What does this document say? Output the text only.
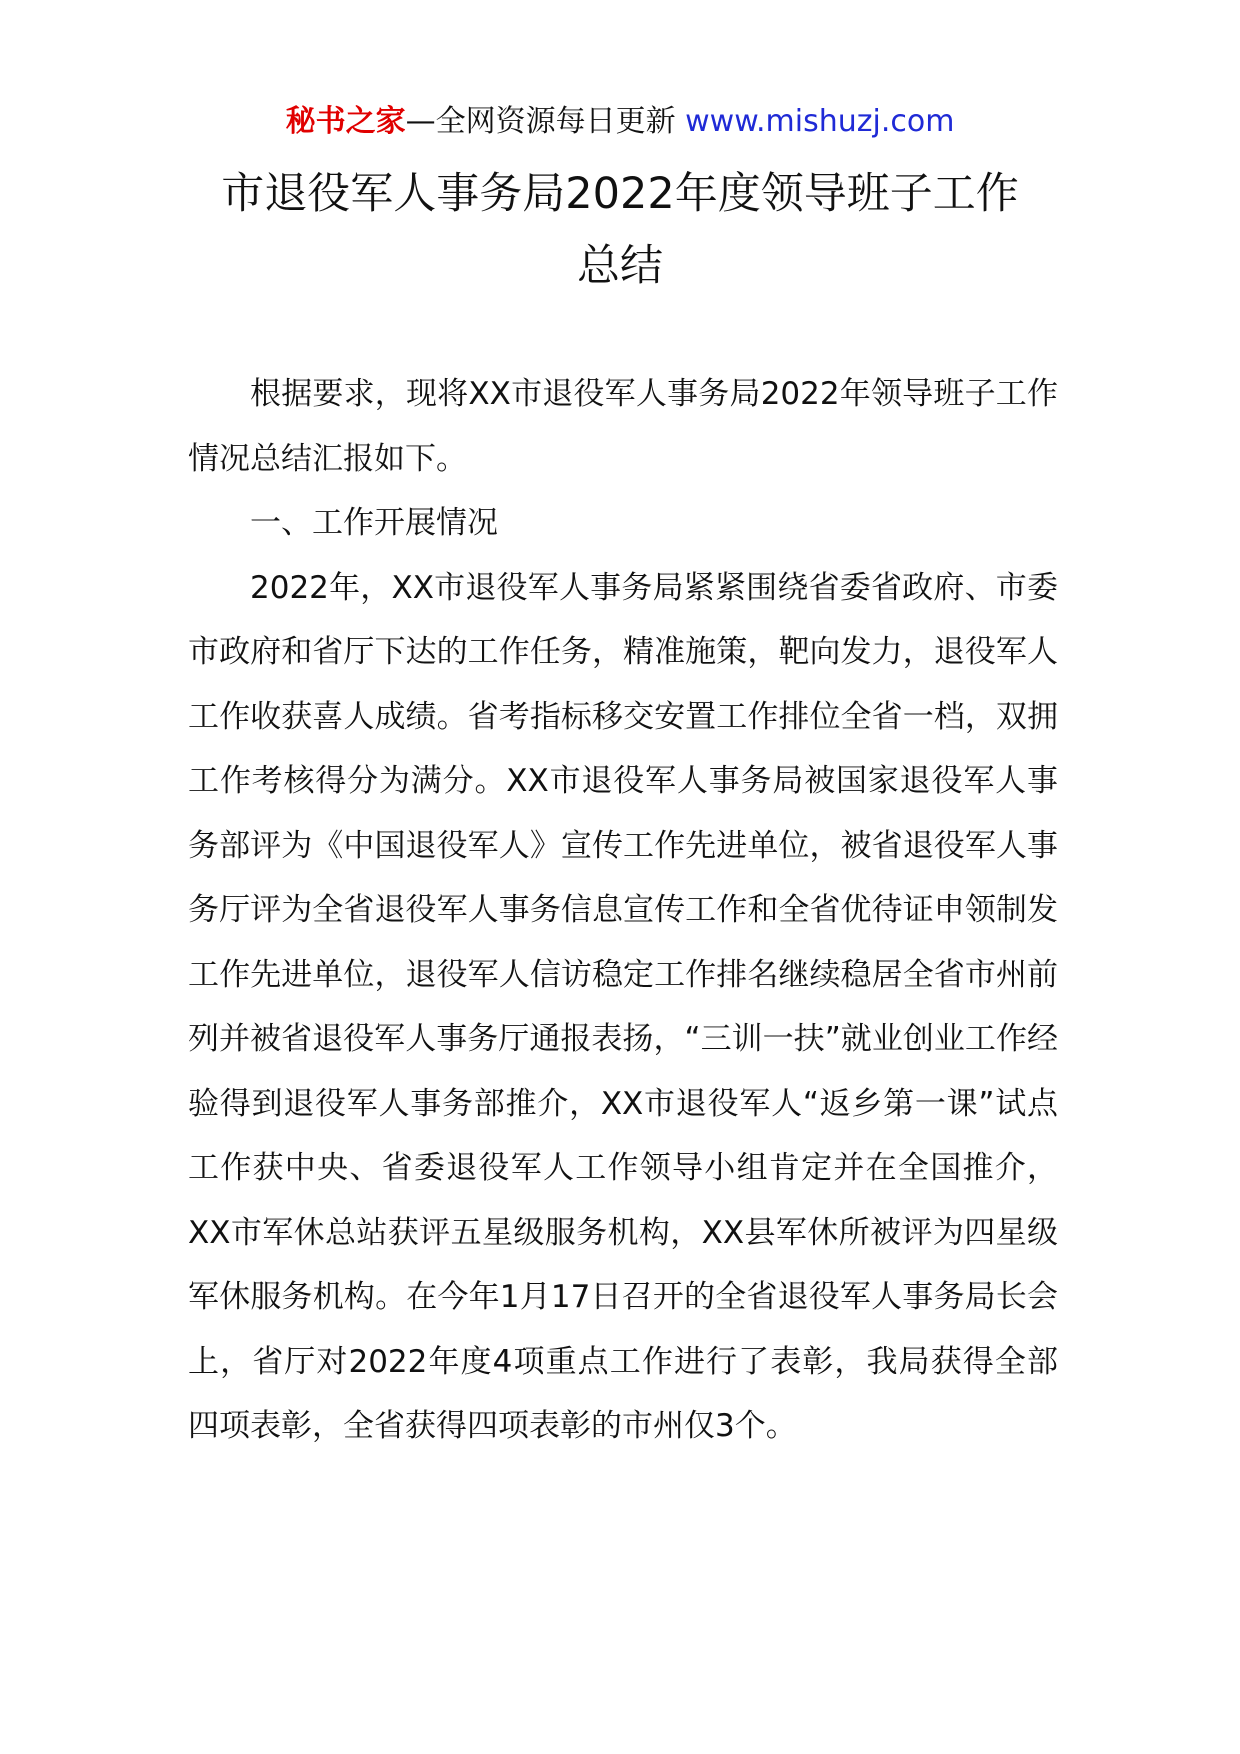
秘书之家—全网资源每日更新 www.mishuzj.com
市退役军人事务局2022年度领导班子工作
总结

根据要求，现将XX市退役军人事务局2022年领导班子工作情况总结汇报如下。

一、工作开展情况

2022年，XX市退役军人事务局紧紧围绕省委省政府、市委市政府和省厅下达的工作任务，精准施策，靶向发力，退役军人工作收获喜人成绩。省考指标移交安置工作排位全省一档，双拥工作考核得分为满分。XX市退役军人事务局被国家退役军人事务部评为《中国退役军人》宣传工作先进单位，被省退役军人事务厅评为全省退役军人事务信息宣传工作和全省优待证申领制发工作先进单位，退役军人信访稳定工作排名继续稳居全省市州前列并被省退役军人事务厅通报表扬，“三训一扶”就业创业工作经验得到退役军人事务部推介，XX市退役军人“返乡第一课”试点工作获中央、省委退役军人工作领导小组肯定并在全国推介，XX市军休总站获评五星级服务机构，XX县军休所被评为四星级军休服务机构。在今年1月17日召开的全省退役军人事务局长会上，省厅对2022年度4项重点工作进行了表彰，我局获得全部四项表彰，全省获得四项表彰的市州仅3个。
